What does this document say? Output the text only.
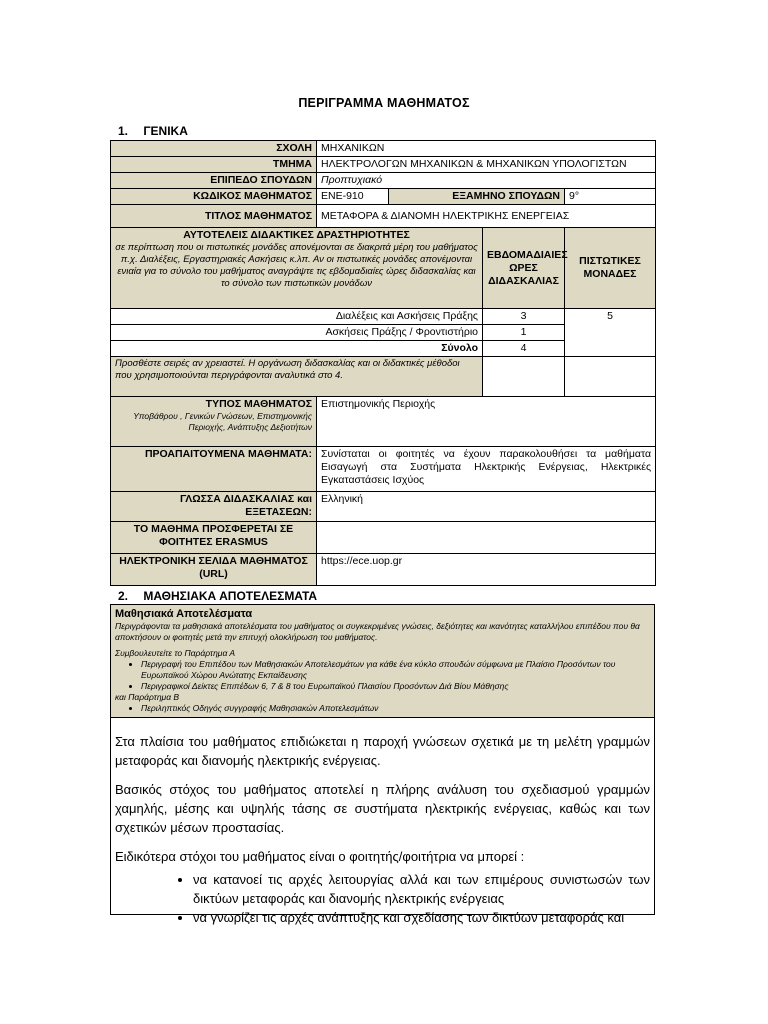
ΠΕΡΙΓΡΑΜΜΑ ΜΑΘΗΜΑΤΟΣ
1. ΓΕΝΙΚΑ
ΣΧΟΛΗ	ΜΗΧΑΝΙΚΩΝ			
ΤΜΗΜΑ	ΗΛΕΚΤΡΟΛΟΓΩΝ ΜΗΧΑΝΙΚΩΝ & ΜΗΧΑΝΙΚΩΝ ΥΠΟΛΟΓΙΣΤΩΝ			
ΕΠΙΠΕΔΟ ΣΠΟΥΔΩΝ	Προπτυχιακό			
ΚΩΔΙΚΟΣ ΜΑΘΗΜΑΤΟΣ	ΕΝΕ-910	ΕΞΑΜΗΝΟ ΣΠΟΥΔΩΝ		9°
ΤΙΤΛΟΣ ΜΑΘΗΜΑΤΟΣ	ΜΕΤΑΦΟΡΑ & ΔΙΑΝΟΜΗ ΗΛΕΚΤΡΙΚΗΣ ΕΝΕΡΓΕΙΑΣ			

ΑΥΤΟΤΕΛΕΙΣ ΔΙΔΑΚΤΙΚΕΣ ΔΡΑΣΤΗΡΙΟΤΗΤΕΣ
σε περίπτωση που οι πιστωτικές μονάδες απονέμονται σε διακριτά μέρη του μαθήματος π.χ. Διαλέξεις, Εργαστηριακές Ασκήσεις κ.λπ. Αν οι πιστωτικές μονάδες απονέμονται ενιαία για το σύνολο του μαθήματος αναγράψτε τις εβδομαδιαίες ώρες διδασκαλίας και το σύνολο των πιστωτικών μονάδων			ΕΒΔΟΜΑΔΙΑΙΕΣ ΩΡΕΣ ΔΙΔΑΣΚΑΛΙΑΣ	ΠΙΣΤΩΤΙΚΕΣ ΜΟΝΑΔΕΣ
Διαλέξεις και Ασκήσεις Πράξης			3	5
Ασκήσεις Πράξης / Φροντιστήριο			1	
Σύνολο			4	
Προσθέστε σειρές αν χρειαστεί. Η οργάνωση διδασκαλίας και οι διδακτικές μέθοδοι που χρησιμοποιούνται περιγράφονται αναλυτικά στο 4.				

ΤΥΠΟΣ ΜΑΘΗΜΑΤΟΣ
Υποβάθρου , Γενικών Γνώσεων, Επιστημονικής Περιοχής, Ανάπτυξης Δεξιοτήτων	Επιστημονικής Περιοχής			
ΠΡΟΑΠΑΙΤΟΥΜΕΝΑ ΜΑΘΗΜΑΤΑ:	Συνίσταται οι φοιτητές να έχουν παρακολουθήσει τα μαθήματα Εισαγωγή στα Συστήματα Ηλεκτρικής Ενέργειας, Ηλεκτρικές Εγκαταστάσεις Ισχύος			
ΓΛΩΣΣΑ ΔΙΔΑΣΚΑΛΙΑΣ και ΕΞΕΤΑΣΕΩΝ:	Ελληνική			
ΤΟ ΜΑΘΗΜΑ ΠΡΟΣΦΕΡΕΤΑΙ ΣΕ ΦΟΙΤΗΤΕΣ ERASMUS				
ΗΛΕΚΤΡΟΝΙΚΗ ΣΕΛΙΔΑ ΜΑΘΗΜΑΤΟΣ (URL)	https://ece.uop.gr			
2. ΜΑΘΗΣΙΑΚΑ ΑΠΟΤΕΛΕΣΜΑΤΑ
Μαθησιακά Αποτελέσματα
Περιγράφονται τα μαθησιακά αποτελέσματα του μαθήματος οι συγκεκριμένες γνώσεις, δεξιότητες και ικανότητες καταλλήλου επιπέδου που θα αποκτήσουν οι φοιτητές μετά την επιτυχή ολοκλήρωση του μαθήματος.
Συμβουλευτείτε το Παράρτημα Α
• Περιγραφή του Επιπέδου των Μαθησιακών Αποτελεσμάτων για κάθε ένα κύκλο σπουδών σύμφωνα με Πλαίσιο Προσόντων του Ευρωπαϊκού Χώρου Ανώτατης Εκπαίδευσης
• Περιγραφικοί Δείκτες Επιπέδων 6, 7 & 8 του Ευρωπαϊκού Πλαισίου Προσόντων Διά Βίου Μάθησης
και Παράρτημα Β
• Περιληπτικός Οδηγός συγγραφής Μαθησιακών Αποτελεσμάτων

Στα πλαίσια του μαθήματος επιδιώκεται η παροχή γνώσεων σχετικά με τη μελέτη γραμμών μεταφοράς και διανομής ηλεκτρικής ενέργειας.

Βασικός στόχος του μαθήματος αποτελεί η πλήρης ανάλυση του σχεδιασμού γραμμών χαμηλής, μέσης και υψηλής τάσης σε συστήματα ηλεκτρικής ενέργειας, καθώς και των σχετικών μέσων προστασίας.

Ειδικότερα στόχοι του μαθήματος είναι ο φοιτητής/φοιτήτρια να μπορεί :

• να κατανοεί τις αρχές λειτουργίας αλλά και των επιμέρους συνιστωσών των δικτύων μεταφοράς και διανομής ηλεκτρικής ενέργειας
• να γνωρίζει τις αρχές ανάπτυξης και σχεδίασης των δικτύων μεταφοράς και
